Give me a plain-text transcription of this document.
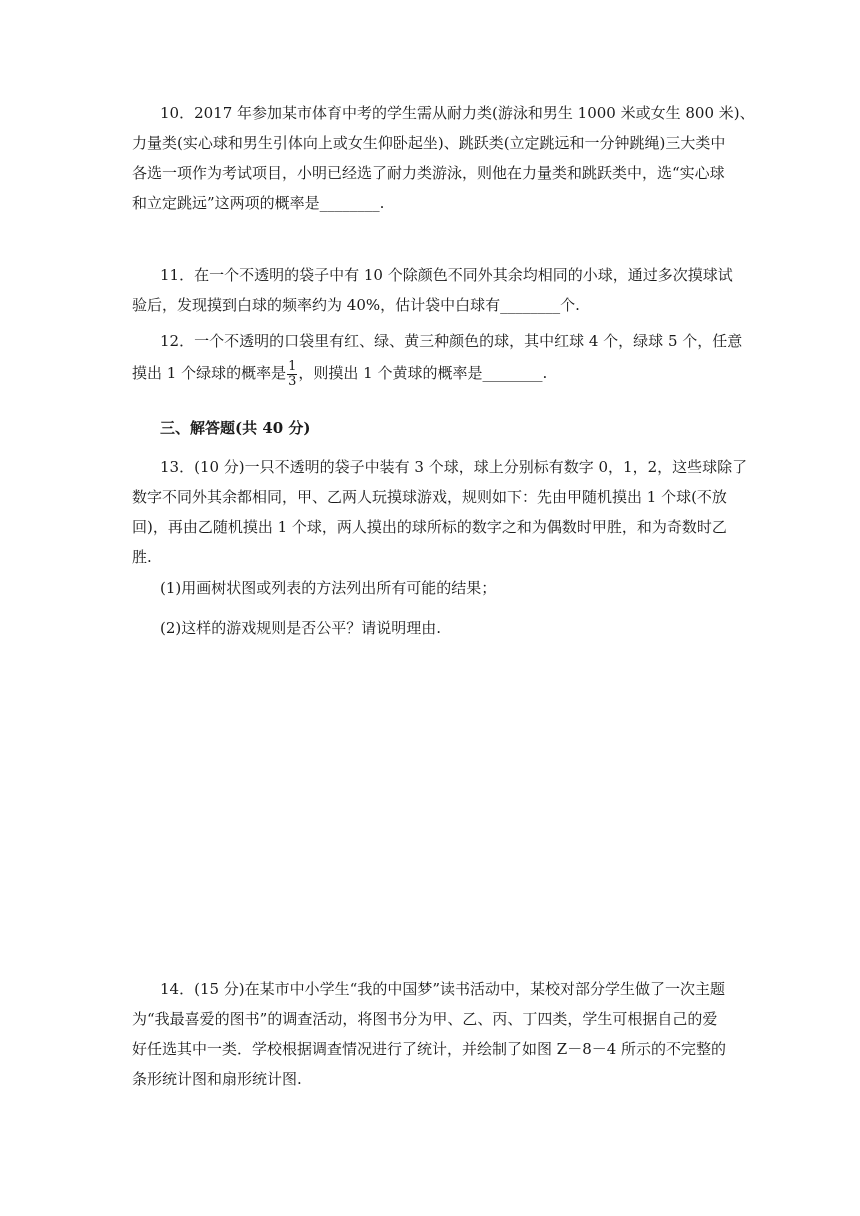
10．2017 年参加某市体育中考的学生需从耐力类(游泳和男生 1000 米或女生 800 米)、
力量类(实心球和男生引体向上或女生仰卧起坐)、跳跃类(立定跳远和一分钟跳绳)三大类中
各选一项作为考试项目，小明已经选了耐力类游泳，则他在力量类和跳跃类中，选“实心球
和立定跳远”这两项的概率是________.
11．在一个不透明的袋子中有 10 个除颜色不同外其余均相同的小球，通过多次摸球试
验后，发现摸到白球的频率约为 40%，估计袋中白球有________个.
12．一个不透明的口袋里有红、绿、黄三种颜色的球，其中红球 4 个，绿球 5 个，任意
摸出 1 个绿球的概率是 $\frac{1}{3}$ ，则摸出 1 个黄球的概率是________.
三、解答题(共 40 分)
13．(10 分)一只不透明的袋子中装有 3 个球，球上分别标有数字 0，1，2，这些球除了
数字不同外其余都相同，甲、乙两人玩摸球游戏，规则如下：先由甲随机摸出 1 个球(不放
回)，再由乙随机摸出 1 个球，两人摸出的球所标的数字之和为偶数时甲胜，和为奇数时乙
胜.
(1)用画树状图或列表的方法列出所有可能的结果；
(2)这样的游戏规则是否公平？请说明理由.
14．(15 分)在某市中小学生“我的中国梦”读书活动中，某校对部分学生做了一次主题
为“我最喜爱的图书”的调查活动，将图书分为甲、乙、丙、丁四类，学生可根据自己的爱
好任选其中一类．学校根据调查情况进行了统计，并绘制了如图 Z－8－4 所示的不完整的
条形统计图和扇形统计图.
